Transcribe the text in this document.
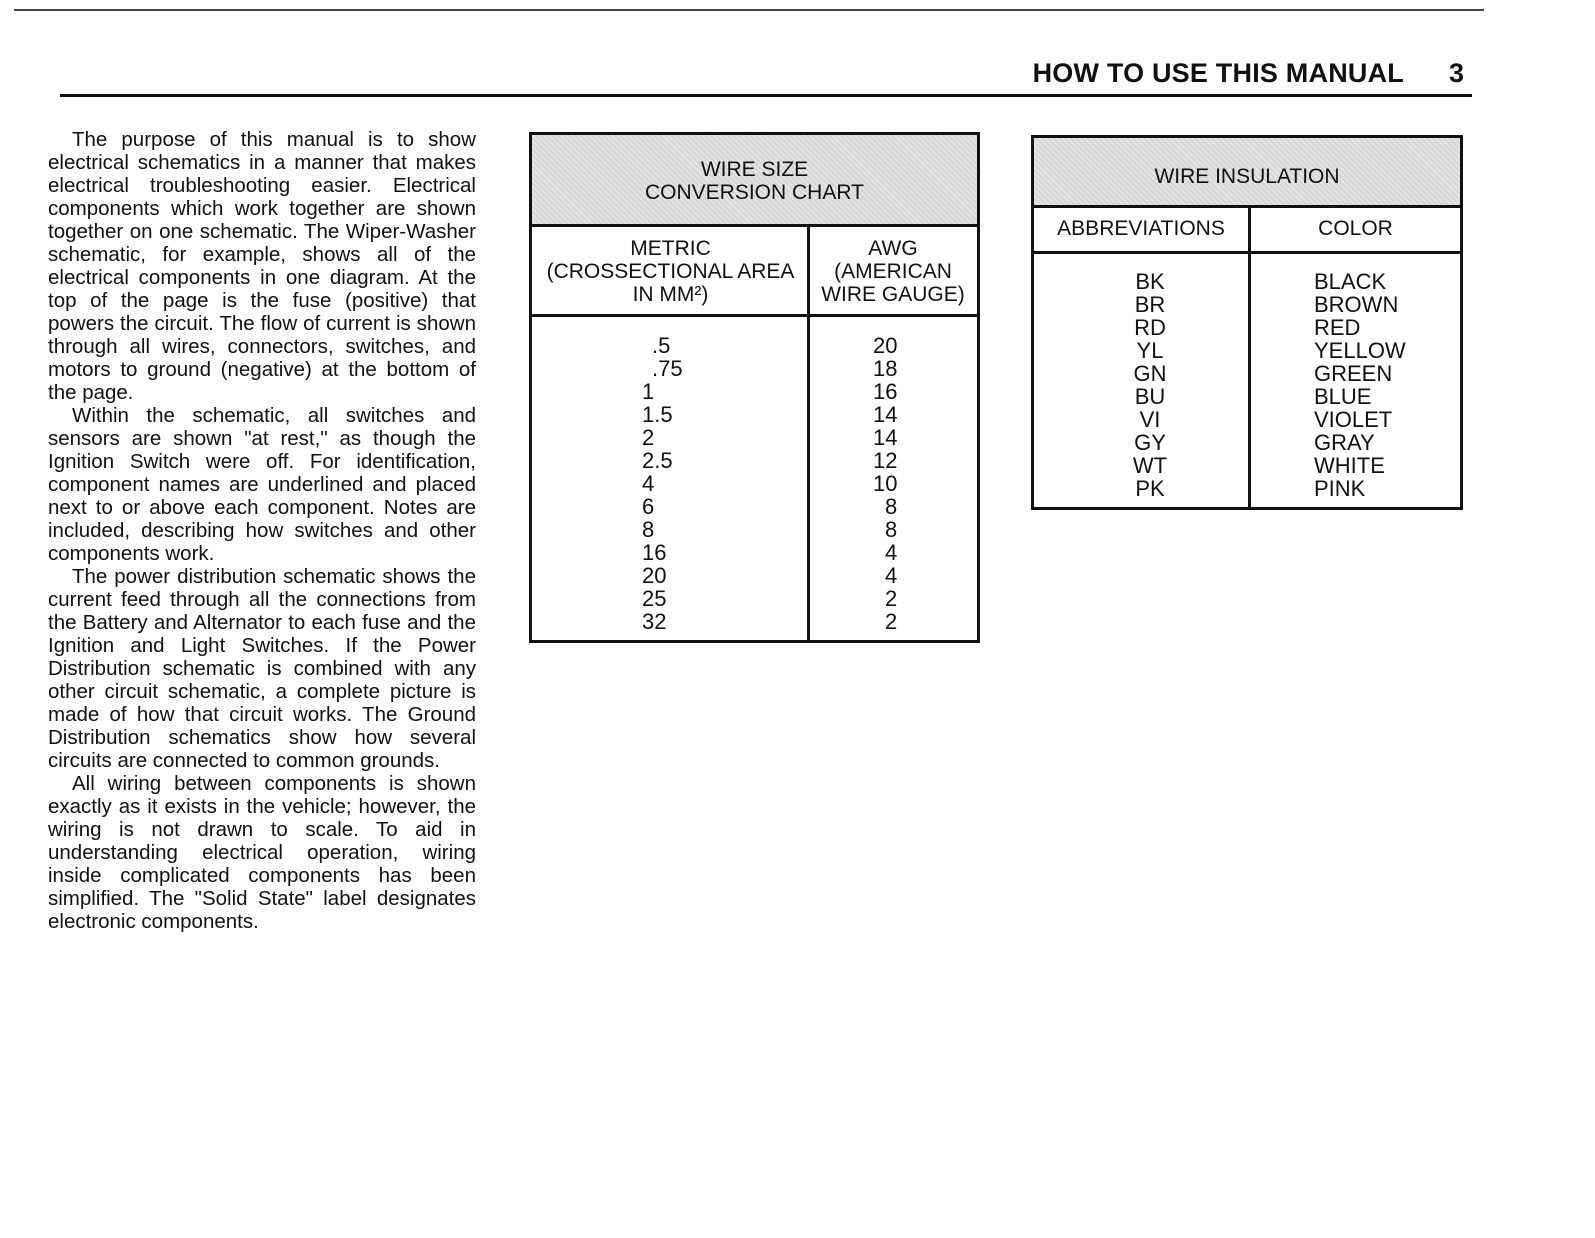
HOW TO USE THIS MANUAL 3

The purpose of this manual is to show electrical schematics in a manner that makes electrical troubleshooting easier. Electrical components which work together are shown together on one schematic. The Wiper-Washer schematic, for example, shows all of the electrical components in one diagram. At the top of the page is the fuse (positive) that powers the circuit. The flow of current is shown through all wires, connectors, switches, and motors to ground (negative) at the bottom of the page.

Within the schematic, all switches and sensors are shown "at rest," as though the Ignition Switch were off. For identification, component names are underlined and placed next to or above each component. Notes are included, describing how switches and other components work.

The power distribution schematic shows the current feed through all the connections from the Battery and Alternator to each fuse and the Ignition and Light Switches. If the Power Distribution schematic is combined with any other circuit schematic, a complete picture is made of how that circuit works. The Ground Distribution schematics show how several circuits are connected to common grounds.

All wiring between components is shown exactly as it exists in the vehicle; however, the wiring is not drawn to scale. To aid in understanding electrical operation, wiring inside complicated components has been simplified. The "Solid State" label designates electronic components.

WIRE SIZE
CONVERSION CHART
METRIC
(CROSSECTIONAL AREA
IN MM²)
AWG
(AMERICAN
WIRE GAUGE)
.5
.75
1
1.5
2
2.5
4
6
8
16
20
25
32
20
18
16
14
14
12
10
8
8
4
4
2
2
WIRE INSULATION
ABBREVIATIONS	COLOR
BK
BR
RD
YL
GN
BU
VI
GY
WT
PK
BLACK
BROWN
RED
YELLOW
GREEN
BLUE
VIOLET
GRAY
WHITE
PINK
